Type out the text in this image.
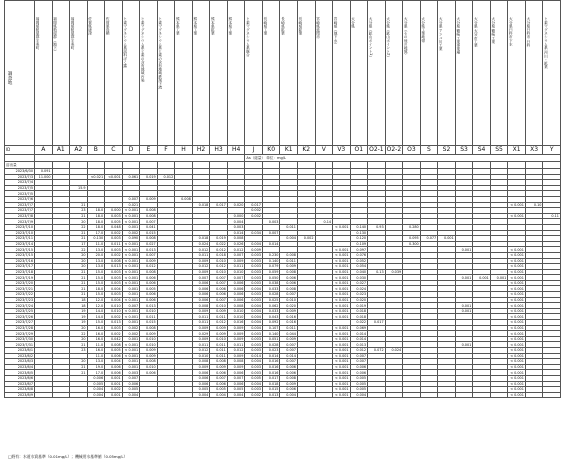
調査地
	福岡県粕屋郡宇美町	福岡県粕屋郡（地下）	福岡県粕屋郡宇美町	佐賀県唐津	佐賀県鳥栖	ヒ素マグネシウム系試料ばく露	ヒ素マグネシウム系ヒ素の含有地域汚染	ヒ素マグネシウム系ヒ素の含有地域鉄剤下流	熊本県工業	熊本県工業	熊本県鉱業	熊本県工業	ヒ素マグネシウム系統合	長崎県工業	長崎県鉱業	長崎県鉱業	宮崎県延岡市	宮崎県（地下水）	大分県	大分県（鉱山ポイント1）	大分県（鉱山ポイント2）	大分県（その他の地域）	大分県工業地帯	大分県 アンバ川工業	大分県 鶴崎工業事業場	大分県 大分市工業	大分県 鶴崎工業	大分県臼杵市下水	大分県臼杵市 臼杵	ヒ素マグネシウム系 河川・鉱業
ID	A	A1	A2	B	C	D	E	F	H	H2	H3	H4	J	K0	K1	K2	V	V3	O1	O2-1	O2-2	O3	S	S2	S3	S4	S5	X1	X3	Y
													As（総量） 単位：mg/L																	
溶出量																														
2023/6/30	0.091																													
2023/7/3	11.000			<0.021	<0.001	0.061	0.019	0.012																						
2023/7/4																														
2023/7/5			15.9																											
2023/7/5																														
2023/7/6						0.007	0.009		0.008																					
2023/7/7			21			0.021				0.018	0.017	0.020	0.017															< 0.001	0.10	
2023/7/7			23	18.0	0.000	< 0.001	0.008						0.002																	
2023/7/8			21	18.0	0.003	< 0.001	0.008					0.000	0.002															< 0.001		0.11
2023/7/9			20	18.0	0.005	< 0.001	0.007					0.004		0.003			0.14													
2023/7/10			22	18.0	0.048	0.001	0.041					0.003			0.011			< 0.001	0.140	0.93		0.280								
2023/7/10			21	17.0	0.002	0.002	0.015					0.014	0.034	0.007					0.130											
2023/7/11			21	0.130	0.003	0.090	0.008			0.018	0.019	0.008			0.004	0.002			0.120			0.095	0.077	0.001						
2023/7/14			17	11.0	0.011	< 0.001	0.027			0.024	0.022	0.026	0.004	0.014					0.109			0.300								
2023/7/15			22	13.0	0.003	< 0.001	0.013			0.012	0.012	0.012	0.009					< 0.001	0.097						0.001			< 0.001		
2023/7/15			20	20.0	0.002	< 0.001	0.007			0.011	0.018	0.007	0.003	0.230	0.008			< 0.001	0.076									< 0.001		
2023/7/16			20	13.0	0.008	< 0.001	0.009			0.009	0.010	0.009	0.003	0.140	0.011			< 0.001	0.052									< 0.001		
2023/7/17			20	13.0	0.013	< 0.001	0.012			0.012	0.012	0.011	0.003	0.079	0.009			< 0.001	0.054									< 0.001		
2023/7/18			21	15.0	0.003	< 0.001	0.008			0.009	0.010	0.010	0.003	0.059	0.008			< 0.001	0.040	0.13	0.039							< 0.001		
2023/7/19			21	15.0	0.003	< 0.001	0.006			0.007	0.007	0.007	0.003	0.050	0.006			< 0.001	0.030						0.001	0.001	0.001	< 0.001		
2023/7/20			21	15.0	0.003	< 0.001	0.006			0.006	0.007	0.006	0.003	0.038	0.006			< 0.001	0.027									< 0.001		
2023/7/21			21	18.0	0.004	0.001	0.005			0.006	0.006	0.006	0.004	0.033	0.008			< 0.001	0.024									< 0.001		
2023/7/22			21	15.0	0.003	0.001	0.006			0.006	0.006	0.006	0.003	0.028	0.007			< 0.001	0.023									< 0.001		
2023/7/23			18	12.0	0.004	< 0.001	0.006			0.006	0.007	0.006	0.003	0.025	0.010			< 0.001	0.020									< 0.001		
2023/7/24			18	12.0	0.010	0.007	0.013			0.008	0.010	0.008	0.004	0.062	0.020			< 0.001	0.019						0.001			< 0.001		
2023/7/25			19	14.0	0.010	< 0.001	0.010			0.009	0.009	0.010	0.004	0.033	0.009			< 0.001	0.018						0.001			< 0.001		
2023/7/26			19	14.0	0.002	< 0.001	0.011			0.011	0.011	0.010	0.004	0.043	0.016			< 0.001	0.018									< 0.001		
2023/7/27			19	15.0	0.013	0.001	0.015			0.011	0.012	0.016	0.004	0.092	0.016				0.022	0.017								< 0.001		
2023/7/28			20	16.0	0.003	0.002	0.008			0.009	0.009	0.009	0.004	0.107	0.011			< 0.001	0.069									< 0.001		
2023/7/29			22	16.0	0.002	0.002	0.009			0.029	0.009	0.009	0.003	0.140	0.044			< 0.001	0.014									< 0.001		
2023/7/30			20	16.0	0.042	0.001	0.010			0.009	0.010	0.009	0.003	0.051	0.009			< 0.001	0.014									< 0.001		
2023/7/31			21	11.0	0.008	< 0.001	0.010			0.011	0.011	0.011	0.003	0.028	0.007			< 0.001	0.013						0.001			< 0.001		
2023/8/1			23	16.0	0.005	< 0.001	0.009			0.012	0.011	0.012	0.003	0.023	0.007			< 0.001	0.012	0.072	0.024							< 0.001		
2023/8/2				11.0	0.006	< 0.001	0.009			0.010	0.011	0.009	0.014	0.014	0.014			< 0.001	0.007									< 0.001		
2023/8/3			20	13.0	0.004	0.001	0.008			0.008	0.008	0.008	0.004	0.016	0.007			< 0.001	0.007									< 0.001		
2023/8/4			21	19.0	0.006	0.001	0.010			0.009	0.009	0.009	0.003	0.016	0.006			< 0.001	0.006									< 0.001		
2023/8/5			21	17.0	0.006	0.003	0.006			0.006	0.006	0.006	0.003	0.016	0.006			< 0.001	0.006									< 0.001		
2023/8/6				0.006	0.001	0.007				0.006	0.007	0.007	0.005	0.017	0.008			< 0.001	0.005									< 0.001		
2023/8/7				0.005	0.001	0.006				0.006	0.006	0.006	0.004	0.018	0.009			< 0.001	0.005									< 0.001		
2023/8/8				0.004	0.002	0.005				0.005	0.005	0.005	0.003	0.015	0.006			< 0.001	0.005									< 0.001		
2023/8/9				0.004	0.001	0.004				0.004	0.004	0.004	0.002	0.013	0.004			< 0.001	0.004									< 0.001		
□野有：水道水質基準（0.01mg/L）；機械用水基準値（0.05mg/L）
